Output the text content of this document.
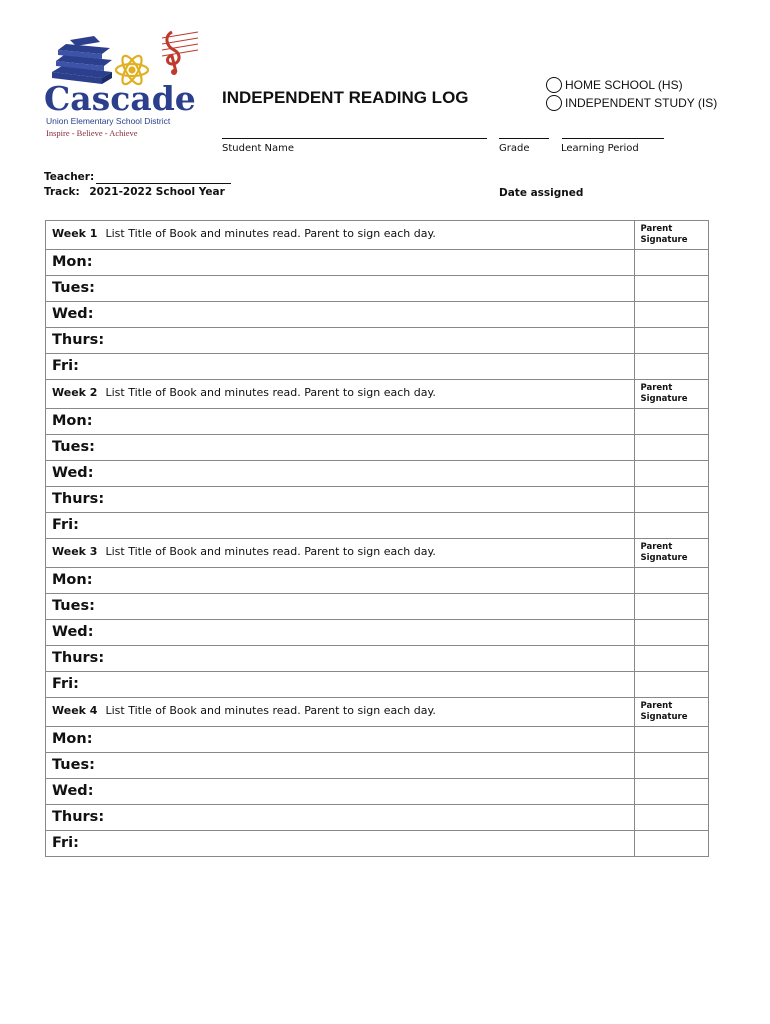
Cascade
Union Elementary School District
Inspire - Believe - Achieve
INDEPENDENT READING LOG
HOME SCHOOL (HS)
INDEPENDENT STUDY (IS)
Student Name	Grade	Learning Period
Teacher:
Track: 2021-2022 School Year	Date assigned
Week 1 List Title of Book and minutes read. Parent to sign each day.	Parent
Signature

Mon:	
Tues:	
Wed:	
Thurs:	
Fri:	
Week 2 List Title of Book and minutes read. Parent to sign each day.	Parent
Signature

Mon:	
Tues:	
Wed:	
Thurs:	
Fri:	
Week 3 List Title of Book and minutes read. Parent to sign each day.	Parent
Signature

Mon:	
Tues:	
Wed:	
Thurs:	
Fri:	
Week 4 List Title of Book and minutes read. Parent to sign each day.	Parent
Signature

Mon:	
Tues:	
Wed:	
Thurs:	
Fri:	
